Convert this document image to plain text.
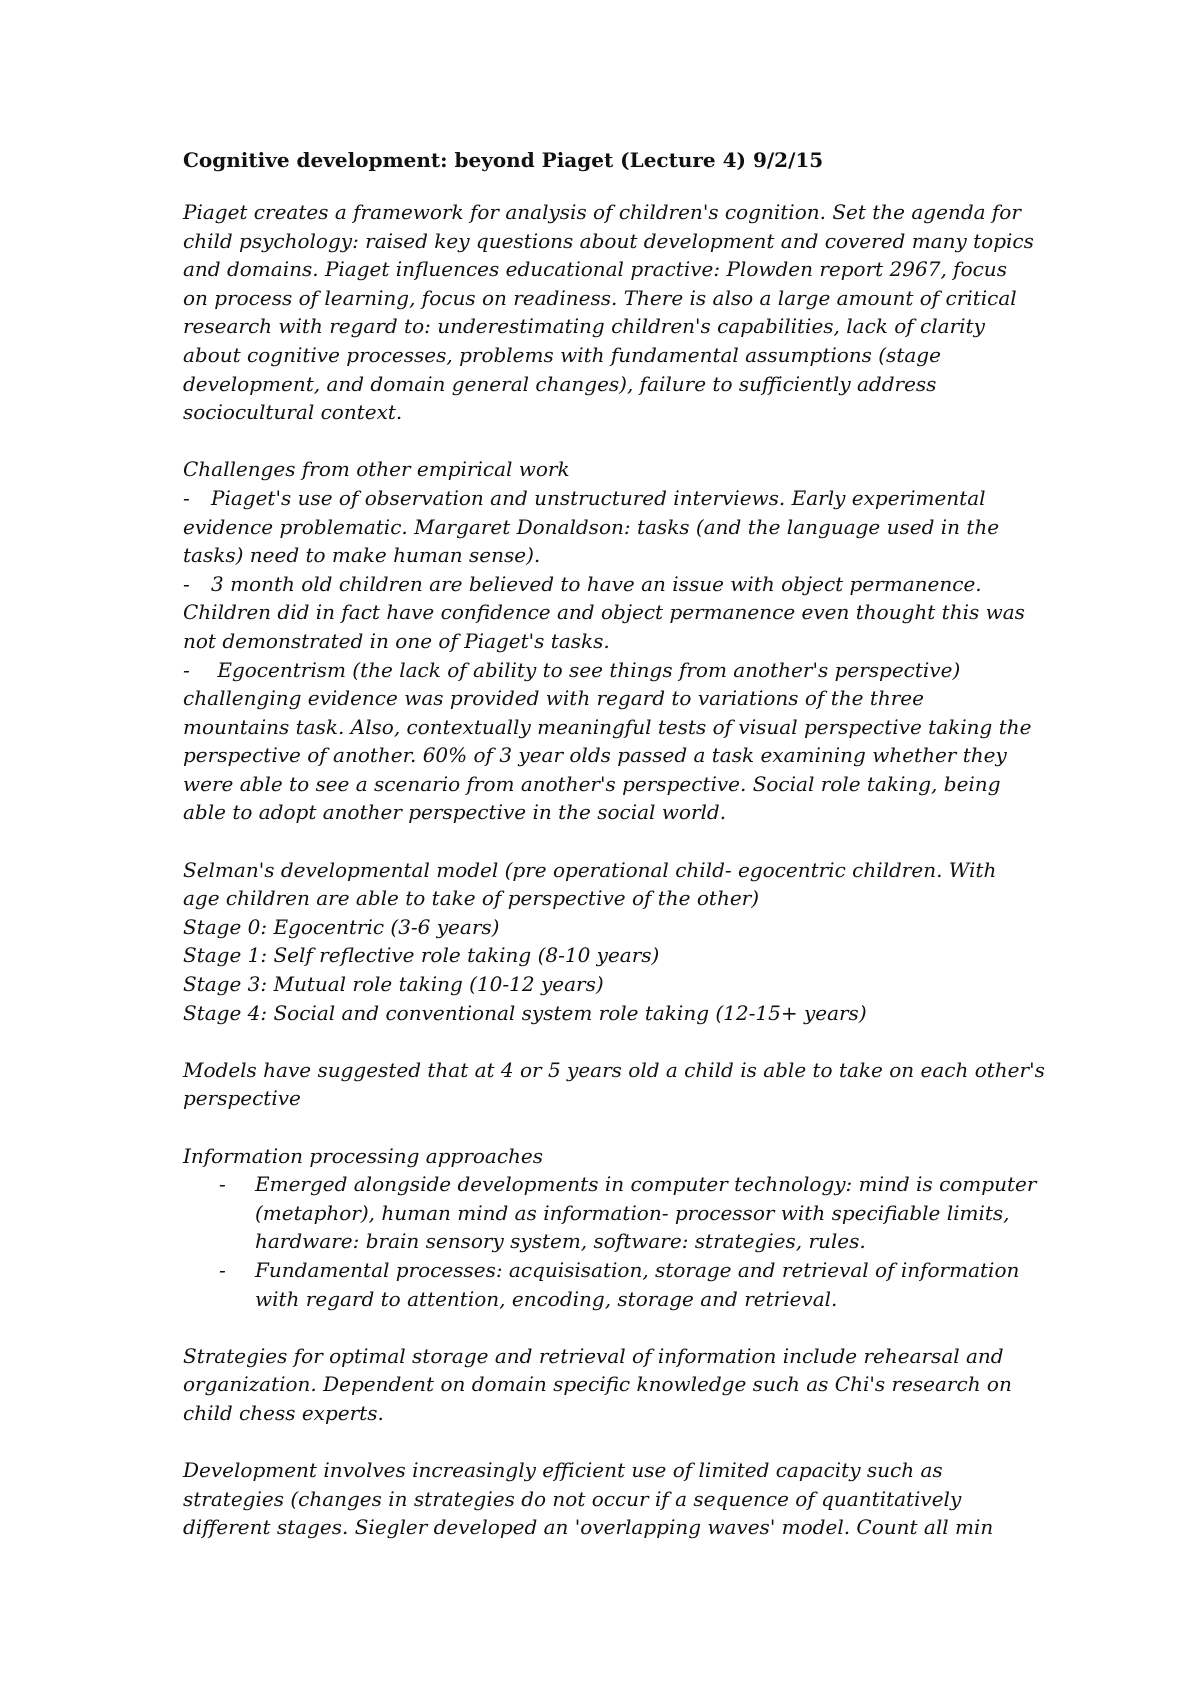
Cognitive development: beyond Piaget (Lecture 4) 9/2/15
Piaget creates a framework for analysis of children's cognition. Set the agenda for
child psychology: raised key questions about development and covered many topics
and domains. Piaget influences educational practive: Plowden report 2967, focus
on process of learning, focus on readiness. There is also a large amount of critical
research with regard to: underestimating children's capabilities, lack of clarity
about cognitive processes, problems with fundamental assumptions (stage
development, and domain general changes), failure to sufficiently address
sociocultural context.
Challenges from other empirical work
- Piaget's use of observation and unstructured interviews. Early experimental
evidence problematic. Margaret Donaldson: tasks (and the language used in the
tasks) need to make human sense).
- 3 month old children are believed to have an issue with object permanence.
Children did in fact have confidence and object permanence even thought this was
not demonstrated in one of Piaget's tasks.
- Egocentrism (the lack of ability to see things from another's perspective)
challenging evidence was provided with regard to variations of the three
mountains task. Also, contextually meaningful tests of visual perspective taking the
perspective of another. 60% of 3 year olds passed a task examining whether they
were able to see a scenario from another's perspective. Social role taking, being
able to adopt another perspective in the social world.
Selman's developmental model (pre operational child- egocentric children. With
age children are able to take of perspective of the other)
Stage 0: Egocentric (3-6 years)
Stage 1: Self reflective role taking (8-10 years)
Stage 3: Mutual role taking (10-12 years)
Stage 4: Social and conventional system role taking (12-15+ years)
Models have suggested that at 4 or 5 years old a child is able to take on each other's
perspective
Information processing approaches
- Emerged alongside developments in computer technology: mind is computer
(metaphor), human mind as information- processor with specifiable limits,
hardware: brain sensory system, software: strategies, rules.
- Fundamental processes: acquisisation, storage and retrieval of information
with regard to attention, encoding, storage and retrieval.
Strategies for optimal storage and retrieval of information include rehearsal and
organization. Dependent on domain specific knowledge such as Chi's research on
child chess experts.
Development involves increasingly efficient use of limited capacity such as
strategies (changes in strategies do not occur if a sequence of quantitatively
different stages. Siegler developed an 'overlapping waves' model. Count all min
